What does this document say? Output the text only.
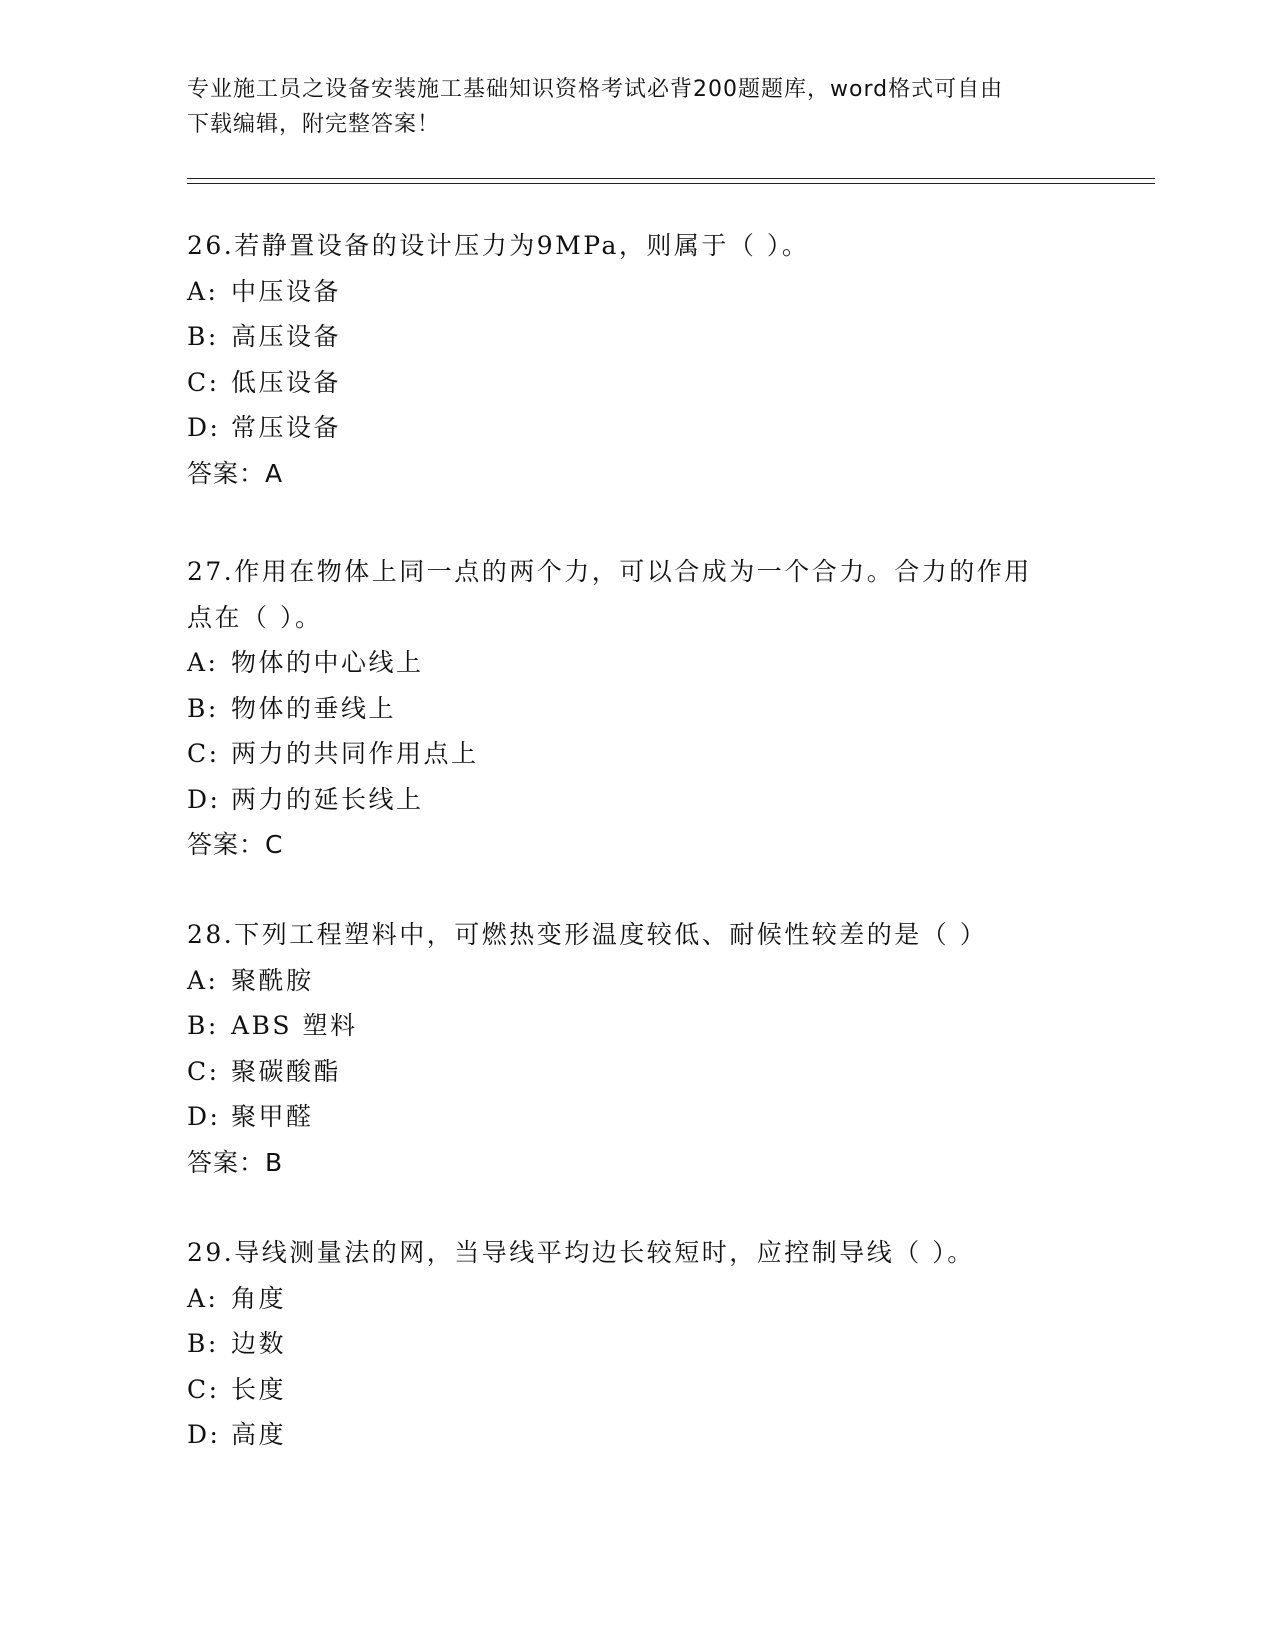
专业施工员之设备安装施工基础知识资格考试必背200题题库，word格式可自由
下载编辑，附完整答案！
26.若静置设备的设计压力为9MPa，则属于（ ）。
A: 中压设备
B: 高压设备
C: 低压设备
D: 常压设备
答案：A
27.作用在物体上同一点的两个力，可以合成为一个合力。合力的作用
点在（ ）。
A: 物体的中心线上
B: 物体的垂线上
C: 两力的共同作用点上
D: 两力的延长线上
答案：C
28.下列工程塑料中，可燃热变形温度较低、耐候性较差的是（ ）
A: 聚酰胺
B: ABS 塑料
C: 聚碳酸酯
D: 聚甲醛
答案：B
29.导线测量法的网，当导线平均边长较短时，应控制导线（ ）。
A: 角度
B: 边数
C: 长度
D: 高度
